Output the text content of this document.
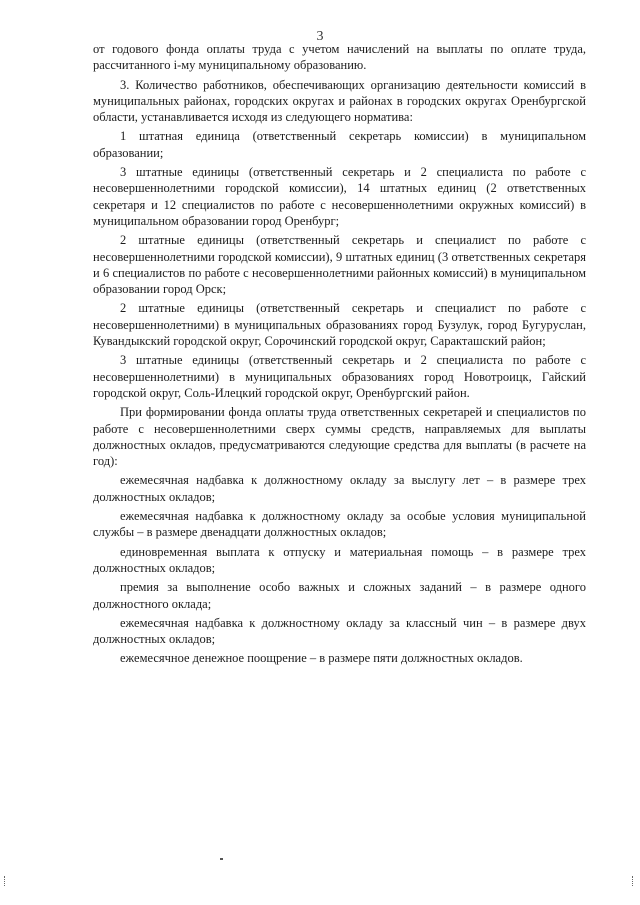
3

от годового фонда оплаты труда с учетом начислений на выплаты по оплате труда, рассчитанного i-му муниципальному образованию.

3. Количество работников, обеспечивающих организацию деятельности комиссий в муниципальных районах, городских округах и районах в городских округах Оренбургской области, устанавливается исходя из следующего норматива:

1 штатная единица (ответственный секретарь комиссии) в муниципальном образовании;

3 штатные единицы (ответственный секретарь и 2 специалиста по работе с несовершеннолетними городской комиссии), 14 штатных единиц (2 ответственных секретаря и 12 специалистов по работе с несовершеннолетними окружных комиссий) в муниципальном образовании город Оренбург;

2 штатные единицы (ответственный секретарь и специалист по работе с несовершеннолетними городской комиссии), 9 штатных единиц (3 ответственных секретаря и 6 специалистов по работе с несовершеннолетними районных комиссий) в муниципальном образовании город Орск;

2 штатные единицы (ответственный секретарь и специалист по работе с несовершеннолетними) в муниципальных образованиях город Бузулук, город Бугуруслан, Кувандыкский городской округ, Сорочинский городской округ, Саракташский район;

3 штатные единицы (ответственный секретарь и 2 специалиста по работе с несовершеннолетними) в муниципальных образованиях город Новотроицк, Гайский городской округ, Соль-Илецкий городской округ, Оренбургский район.

При формировании фонда оплаты труда ответственных секретарей и специалистов по работе с несовершеннолетними сверх суммы средств, направляемых для выплаты должностных окладов, предусматриваются следующие средства для выплаты (в расчете на год):

ежемесячная надбавка к должностному окладу за выслугу лет – в размере трех должностных окладов;

ежемесячная надбавка к должностному окладу за особые условия муниципальной службы – в размере двенадцати должностных окладов;

единовременная выплата к отпуску и материальная помощь – в размере трех должностных окладов;

премия за выполнение особо важных и сложных заданий – в размере одного должностного оклада;

ежемесячная надбавка к должностному окладу за классный чин – в размере двух должностных окладов;

ежемесячное денежное поощрение – в размере пяти должностных окладов.
